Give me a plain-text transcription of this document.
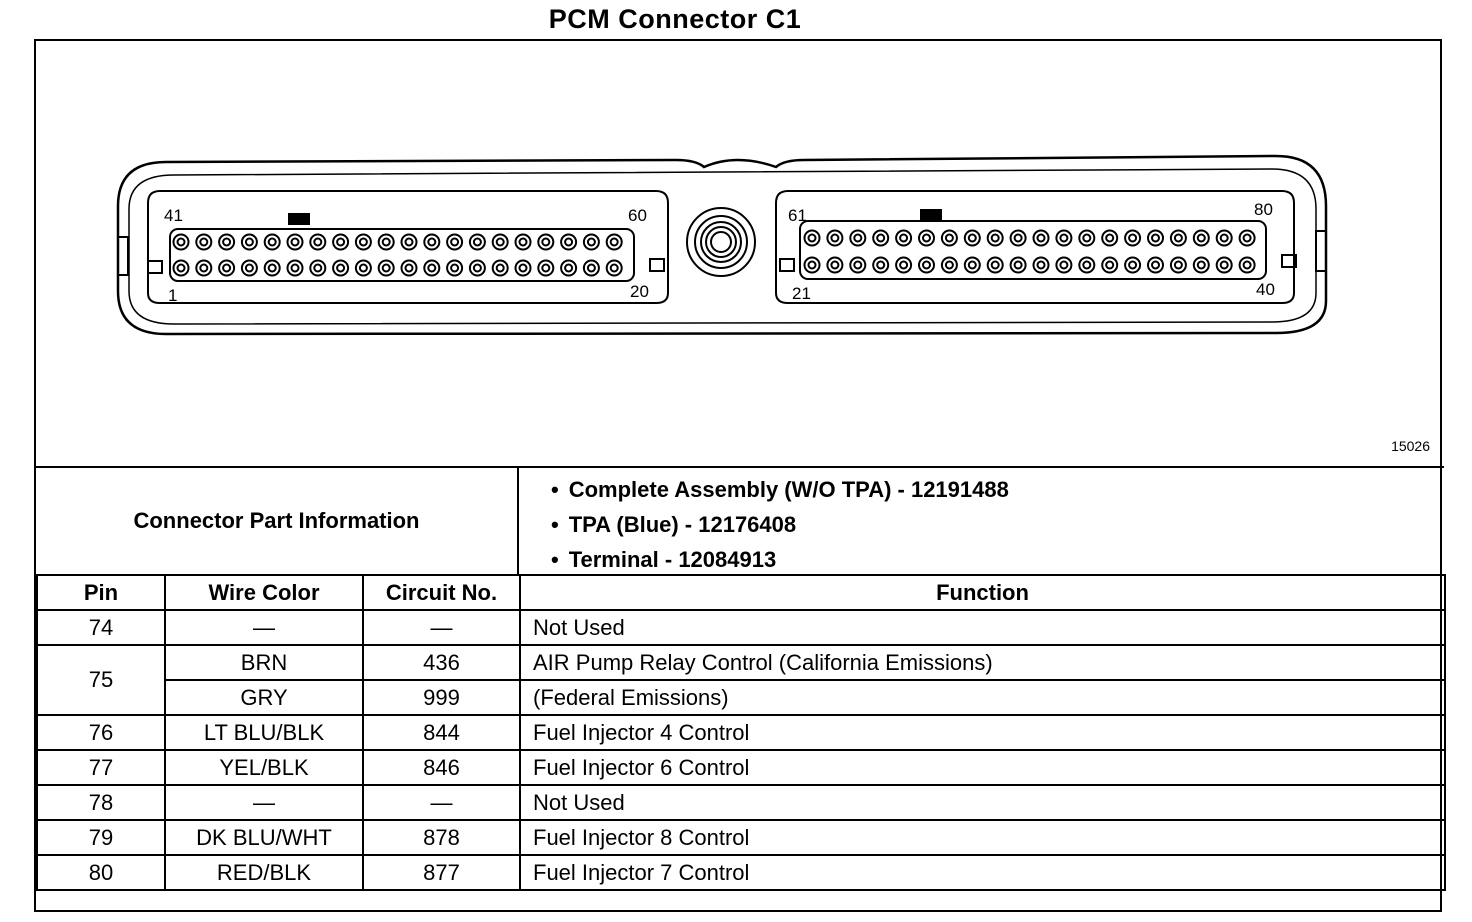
PCM Connector C1
41	60
1	20
61	80
21	40
15026
Connector Part Information
• Complete Assembly (W/O TPA) - 12191488
• TPA (Blue) - 12176408
• Terminal - 12084913
Pin	Wire Color	Circuit No.	Function
74	—	—	Not Used
75	BRN	436	AIR Pump Relay Control (California Emissions)
	GRY	999	(Federal Emissions)
76	LT BLU/BLK	844	Fuel Injector 4 Control
77	YEL/BLK	846	Fuel Injector 6 Control
78	—	—	Not Used
79	DK BLU/WHT	878	Fuel Injector 8 Control
80	RED/BLK	877	Fuel Injector 7 Control
